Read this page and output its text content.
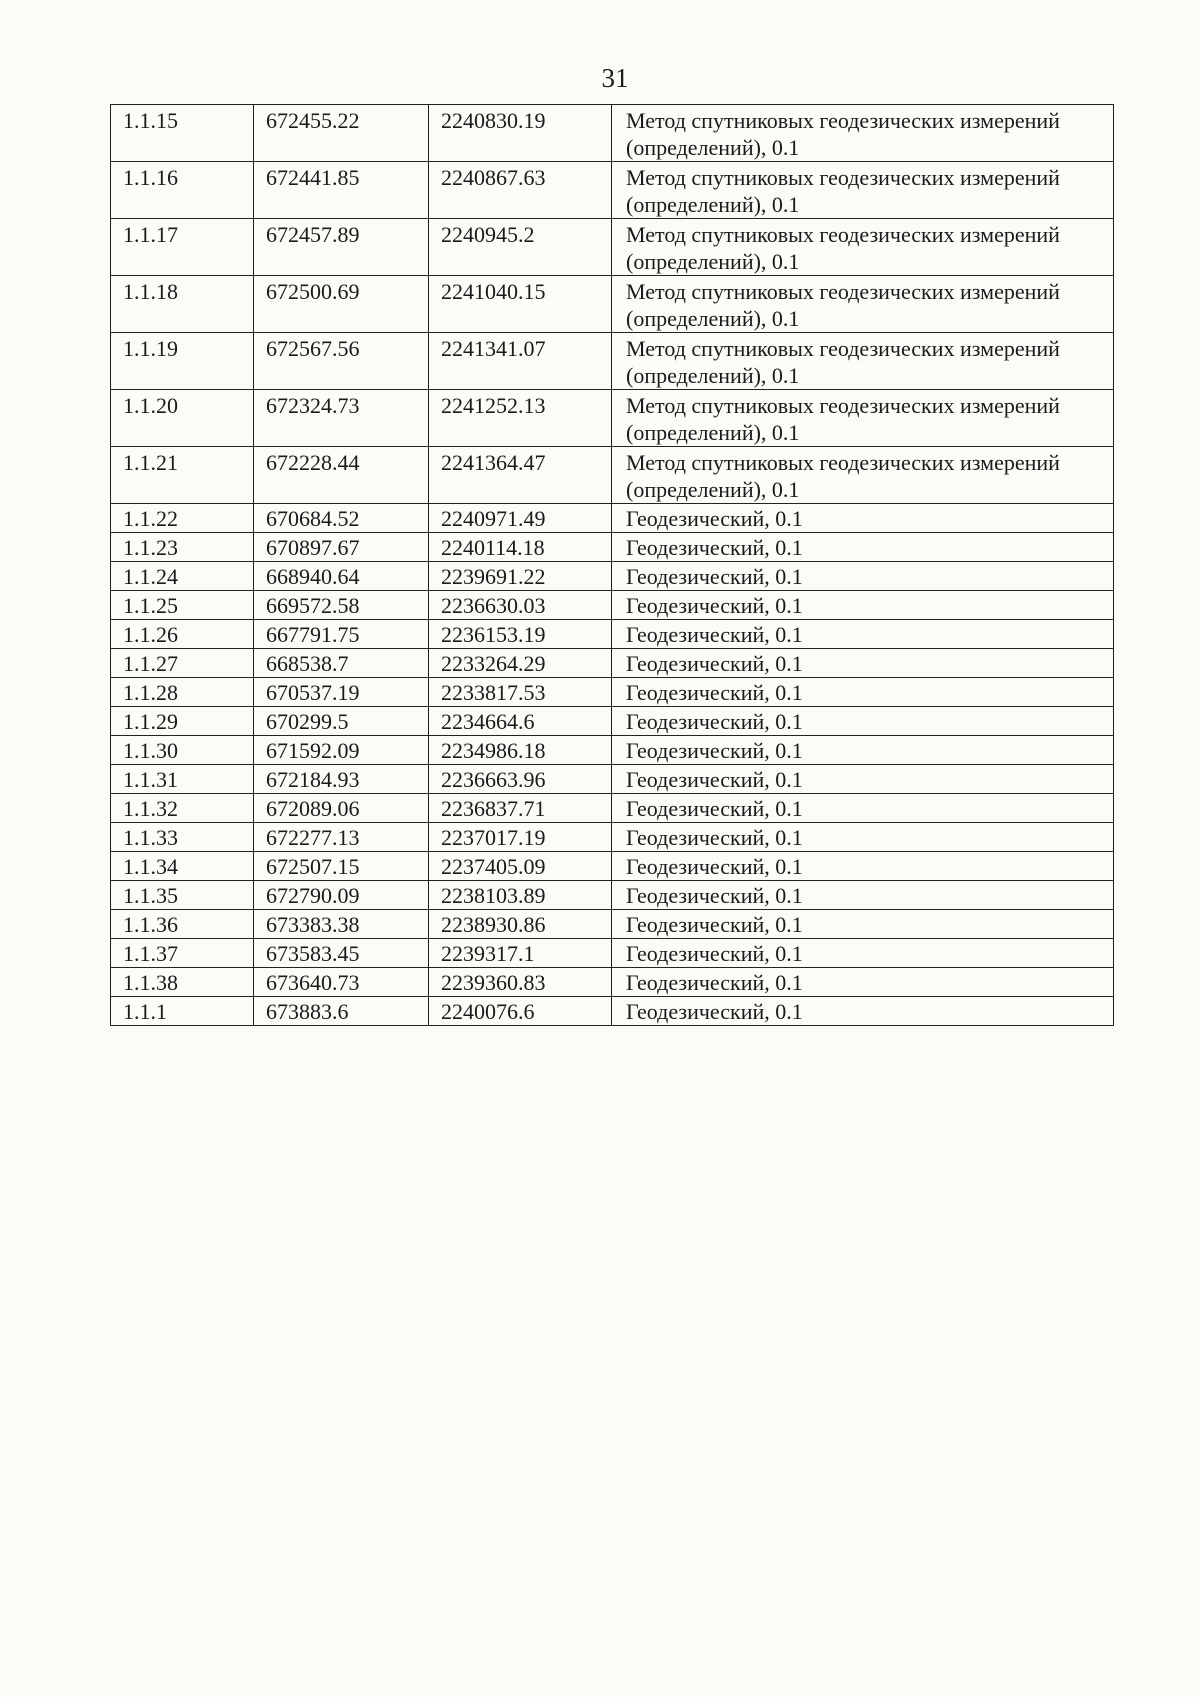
31
1.1.15	672455.22	2240830.19	Метод спутниковых геодезических измерений (определений), 0.1
1.1.16	672441.85	2240867.63	Метод спутниковых геодезических измерений (определений), 0.1
1.1.17	672457.89	2240945.2	Метод спутниковых геодезических измерений (определений), 0.1
1.1.18	672500.69	2241040.15	Метод спутниковых геодезических измерений (определений), 0.1
1.1.19	672567.56	2241341.07	Метод спутниковых геодезических измерений (определений), 0.1
1.1.20	672324.73	2241252.13	Метод спутниковых геодезических измерений (определений), 0.1
1.1.21	672228.44	2241364.47	Метод спутниковых геодезических измерений (определений), 0.1
1.1.22	670684.52	2240971.49	Геодезический, 0.1
1.1.23	670897.67	2240114.18	Геодезический, 0.1
1.1.24	668940.64	2239691.22	Геодезический, 0.1
1.1.25	669572.58	2236630.03	Геодезический, 0.1
1.1.26	667791.75	2236153.19	Геодезический, 0.1
1.1.27	668538.7	2233264.29	Геодезический, 0.1
1.1.28	670537.19	2233817.53	Геодезический, 0.1
1.1.29	670299.5	2234664.6	Геодезический, 0.1
1.1.30	671592.09	2234986.18	Геодезический, 0.1
1.1.31	672184.93	2236663.96	Геодезический, 0.1
1.1.32	672089.06	2236837.71	Геодезический, 0.1
1.1.33	672277.13	2237017.19	Геодезический, 0.1
1.1.34	672507.15	2237405.09	Геодезический, 0.1
1.1.35	672790.09	2238103.89	Геодезический, 0.1
1.1.36	673383.38	2238930.86	Геодезический, 0.1
1.1.37	673583.45	2239317.1	Геодезический, 0.1
1.1.38	673640.73	2239360.83	Геодезический, 0.1
1.1.1	673883.6	2240076.6	Геодезический, 0.1
